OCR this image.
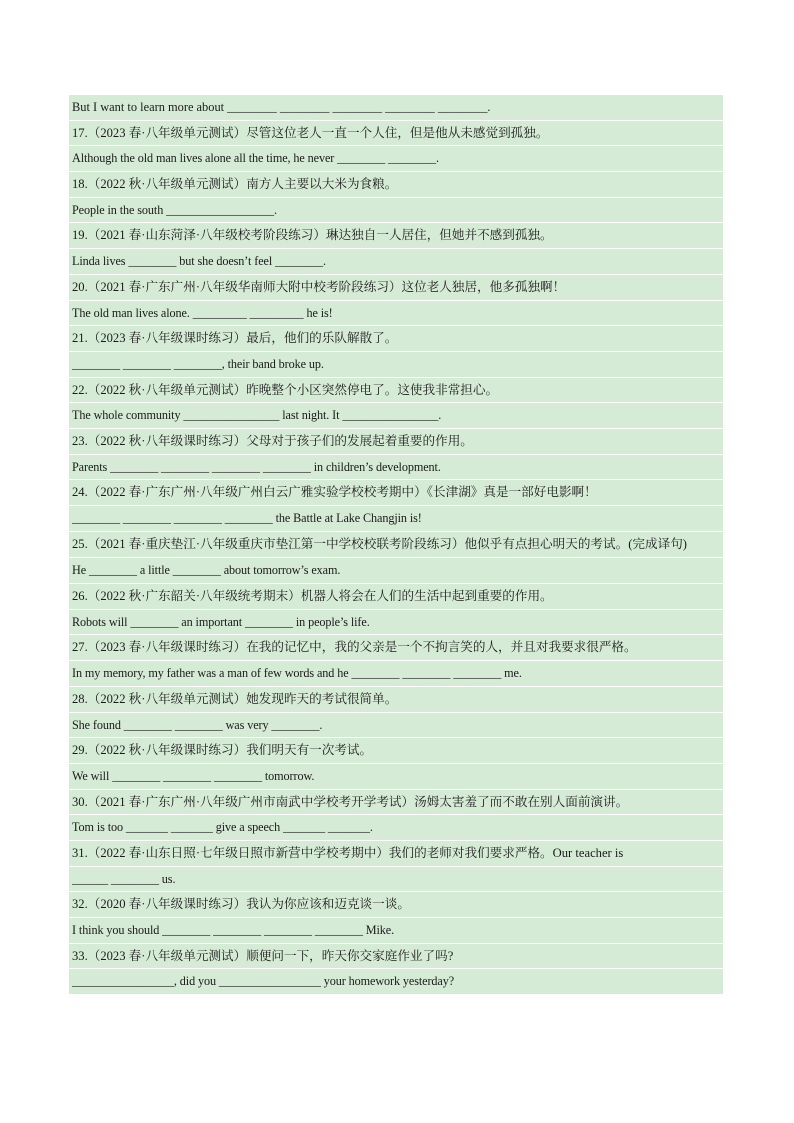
But I want to learn more about ________ ________ ________ ________ ________.
17.（2023 春·八年级单元测试）尽管这位老人一直一个人住，但是他从未感觉到孤独。
Although the old man lives alone all the time, he never ________ ________.
18.（2022 秋·八年级单元测试）南方人主要以大米为食粮。
People in the south __________________.
19.（2021 春·山东菏泽·八年级校考阶段练习）琳达独自一人居住，但她并不感到孤独。
Linda lives ________ but she doesn’t feel ________.
20.（2021 春·广东广州·八年级华南师大附中校考阶段练习）这位老人独居，他多孤独啊！
The old man lives alone. _________ _________ he is!
21.（2023 春·八年级课时练习）最后，他们的乐队解散了。
________ ________ ________, their band broke up.
22.（2022 秋·八年级单元测试）昨晚整个小区突然停电了。这使我非常担心。
The whole community ________________ last night. It ________________.
23.（2022 秋·八年级课时练习）父母对于孩子们的发展起着重要的作用。
Parents ________ ________ ________ ________ in children’s development.
24.（2022 春·广东广州·八年级广州白云广雅实验学校校考期中）《长津湖》真是一部好电影啊！
________ ________ ________ ________ the Battle at Lake Changjin is!
25.（2021 春·重庆垫江·八年级重庆市垫江第一中学校校联考阶段练习）他似乎有点担心明天的考试。(完成译句)
He ________ a little ________ about tomorrow’s exam.
26.（2022 秋·广东韶关·八年级统考期末）机器人将会在人们的生活中起到重要的作用。
Robots will ________ an important ________ in people’s life.
27.（2023 春·八年级课时练习）在我的记忆中，我的父亲是一个不拘言笑的人，并且对我要求很严格。
In my memory, my father was a man of few words and he ________ ________ ________ me.
28.（2022 秋·八年级单元测试）她发现昨天的考试很简单。
She found ________ ________ was very ________.
29.（2022 秋·八年级课时练习）我们明天有一次考试。
We will ________ ________ ________ tomorrow.
30.（2021 春·广东广州·八年级广州市南武中学校考开学考试）汤姆太害羞了而不敢在别人面前演讲。
Tom is too _______ _______ give a speech _______ _______.
31.（2022 春·山东日照·七年级日照市新营中学校考期中）我们的老师对我们要求严格。Our teacher is
______ ________ us.
32.（2020 春·八年级课时练习）我认为你应该和迈克谈一谈。
I think you should ________ ________ ________ ________ Mike.
33.（2023 春·八年级单元测试）顺便问一下，昨天你交家庭作业了吗?
_________________, did you _________________ your homework yesterday?
